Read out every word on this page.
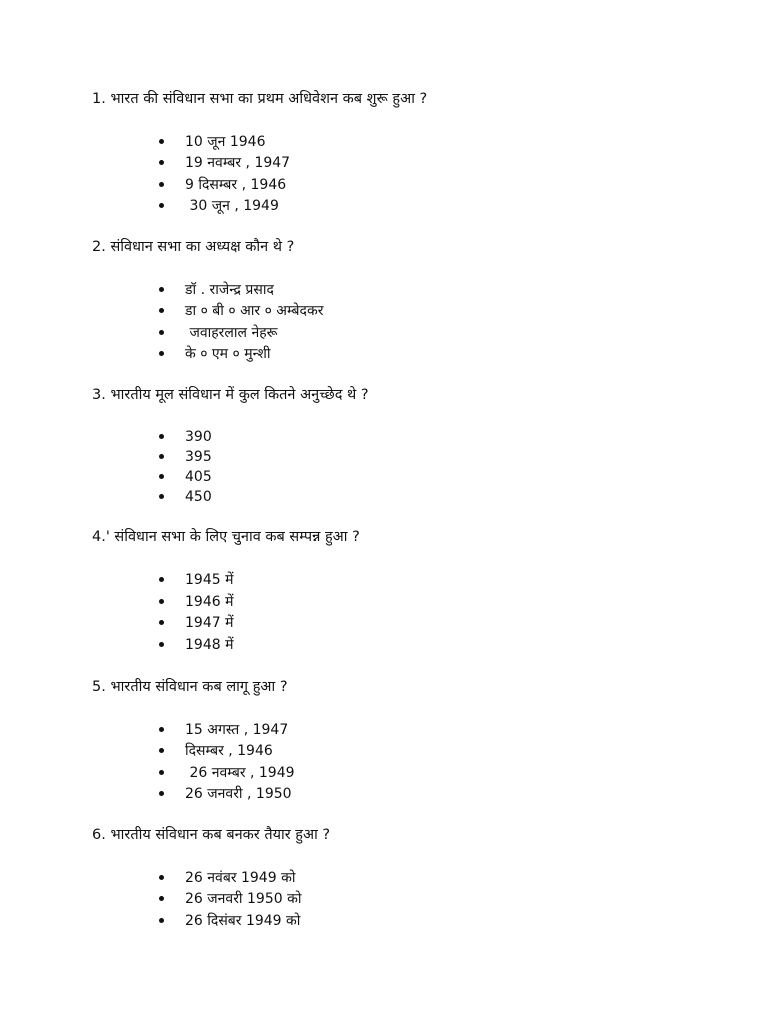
1. भारत की संविधान सभा का प्रथम अधिवेशन कब शुरू हुआ ?
10 जून 1946
19 नवम्बर , 1947
9 दिसम्बर , 1946
30 जून , 1949
2. संविधान सभा का अध्यक्ष कौन थे ?
डॉ . राजेन्द्र प्रसाद
डा ० बी ० आर ० अम्बेदकर
जवाहरलाल नेहरू
के ० एम ० मुन्शी
3. भारतीय मूल संविधान में कुल कितने अनुच्छेद थे ?
390
395
405
450
4.' संविधान सभा के लिए चुनाव कब सम्पन्न हुआ ?
1945 में
1946 में
1947 में
1948 में
5. भारतीय संविधान कब लागू हुआ ?
15 अगस्त , 1947
दिसम्बर , 1946
26 नवम्बर , 1949
26 जनवरी , 1950
6. भारतीय संविधान कब बनकर तैयार हुआ ?
26 नवंबर 1949 को
26 जनवरी 1950 को
26 दिसंबर 1949 को
